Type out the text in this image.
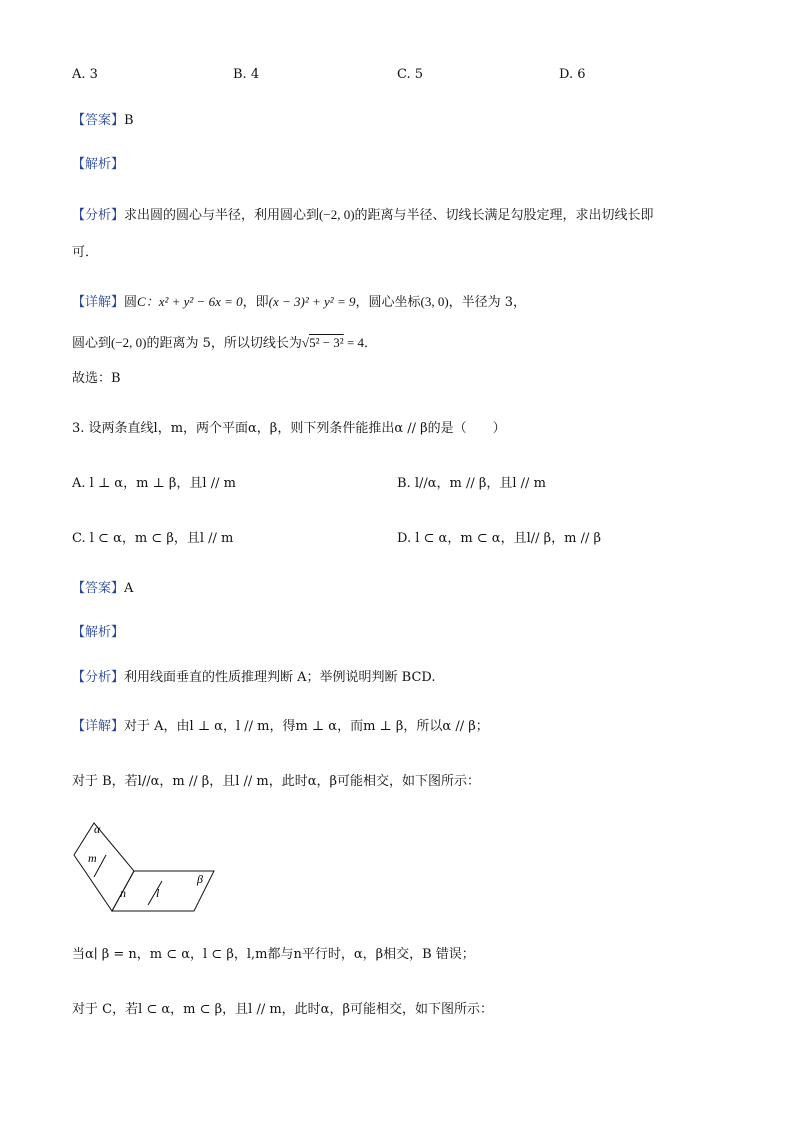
A. 3	B. 4	C. 5	D. 6
【答案】B
【解析】
【分析】求出圆的圆心与半径，利用圆心到(−2, 0)的距离与半径、切线长满足勾股定理，求出切线长即
可．
【详解】圆C：x² + y² − 6x = 0，即(x − 3)² + y² = 9，圆心坐标(3, 0)，半径为 3，
圆心到(−2, 0)的距离为 5，所以切线长为√5² − 3² = 4．
故选：B
3. 设两条直线l，m，两个平面α，β，则下列条件能推出α // β的是（　　）
A. l ⊥ α，m ⊥ β，且l // m	B. l//α，m // β，且l // m
C. l ⊂ α，m ⊂ β，且l // m	D. l ⊂ α，m ⊂ α，且l// β，m // β
【答案】A
【解析】
【分析】利用线面垂直的性质推理判断 A；举例说明判断 BCD.
【详解】对于 A，由l ⊥ α，l // m，得m ⊥ α，而m ⊥ β，所以α // β；
对于 B，若l//α，m // β，且l // m，此时α，β可能相交，如下图所示：
α
m
n	l
β
当α∣ β = n，m ⊂ α，l ⊂ β，l,m都与n平行时，α，β相交，B 错误；
对于 C，若l ⊂ α，m ⊂ β，且l // m，此时α，β可能相交，如下图所示：
